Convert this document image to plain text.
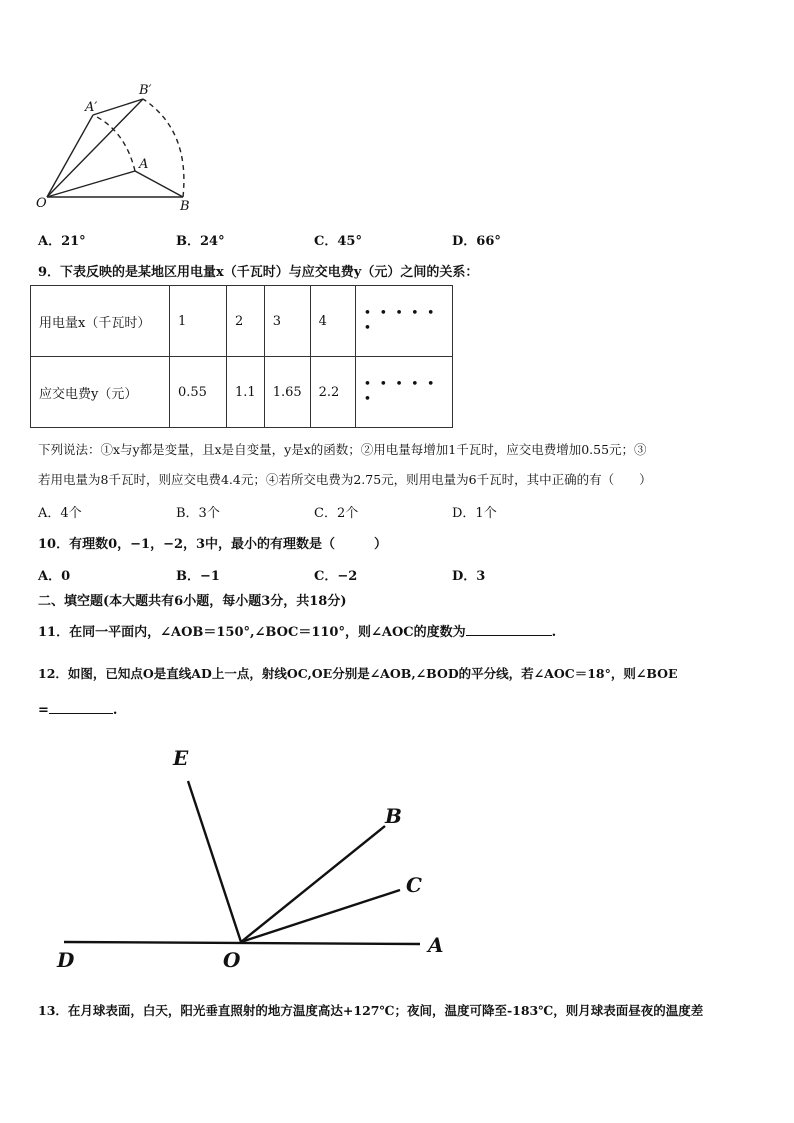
O	B
A
A′
B′
A．21°	B．24°	C．45°	D．66°
9．下表反映的是某地区用电量x（千瓦时）与应交电费y（元）之间的关系：
用电量x（千瓦时）	1	2	3	4	• • • • • •
应交电费y（元）	0.55	1.1	1.65	2.2	• • • • • •
下列说法：①x与y都是变量，且x是自变量，y是x的函数；②用电量每增加1千瓦时，应交电费增加0.55元；③
若用电量为8千瓦时，则应交电费4.4元；④若所交电费为2.75元，则用电量为6千瓦时，其中正确的有（　　）
A．4个	B．3个	C．2个	D．1个
10．有理数0，−1，−2，3中，最小的有理数是（　　　）
A．0	B．−1	C．−2	D．3
二、填空题(本大题共有6小题，每小题3分，共18分)
11．在同一平面内，∠AOB＝150°,∠BOC＝110°，则∠AOC的度数为	.
12．如图，已知点O是直线AD上一点，射线OC,OE分别是∠AOB,∠BOD的平分线，若∠AOC＝18°，则∠BOE
=	.
E
B
C
A
D	O
13．在月球表面，白天，阳光垂直照射的地方温度高达+127℃；夜间，温度可降至-183℃，则月球表面昼夜的温度差
